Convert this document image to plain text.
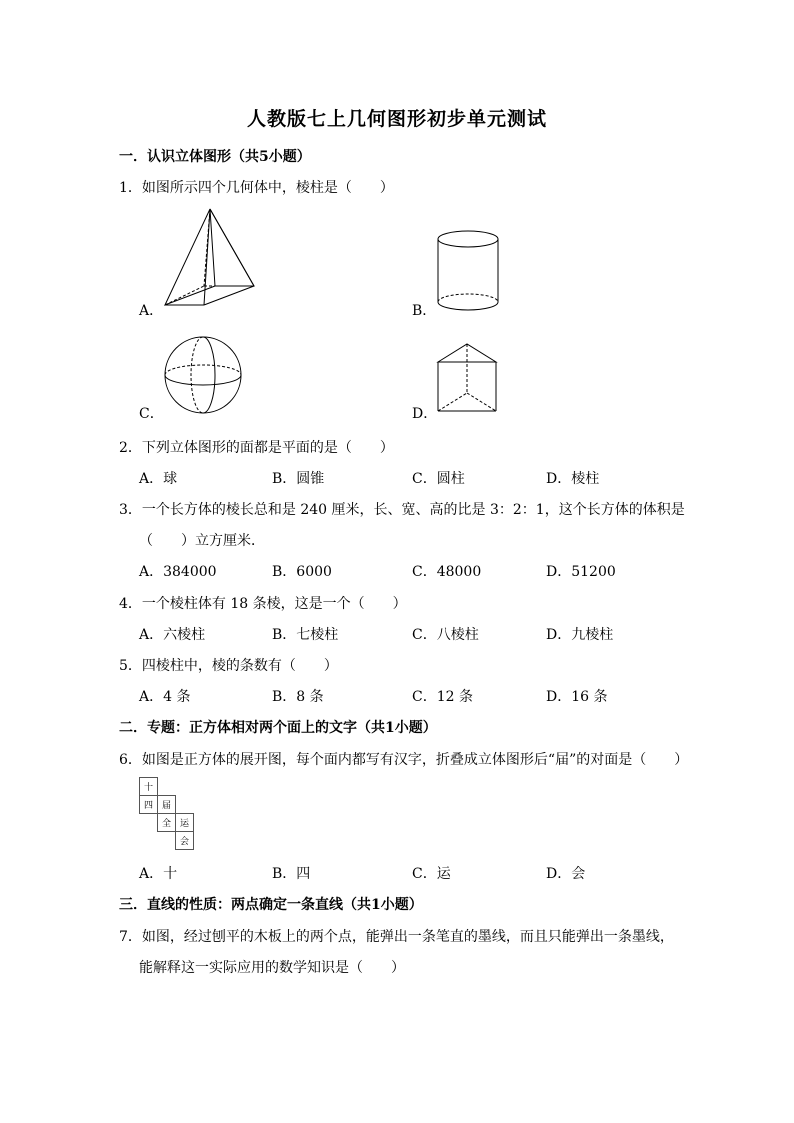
人教版七上几何图形初步单元测试
一．认识立体图形（共5小题）
1．如图所示四个几何体中，棱柱是（　　）
A．	B．
C．	D．
2．下列立体图形的面都是平面的是（　　）
A．球	B．圆锥	C．圆柱	D．棱柱
3．一个长方体的棱长总和是 240 厘米，长、宽、高的比是 3：2：1，这个长方体的体积是
（　　）立方厘米．
A．384000	B．6000	C．48000	D．51200
4．一个棱柱体有 18 条棱，这是一个（　　）
A．六棱柱	B．七棱柱	C．八棱柱	D．九棱柱
5．四棱柱中，棱的条数有（　　）
A．4 条	B．8 条	C．12 条	D．16 条
二．专题：正方体相对两个面上的文字（共1小题）
6．如图是正方体的展开图，每个面内都写有汉字，折叠成立体图形后“届”的对面是（　　）
十		
四	届	
	全	运
		会
A．十	B．四	C．运	D．会
三．直线的性质：两点确定一条直线（共1小题）
7．如图，经过刨平的木板上的两个点，能弹出一条笔直的墨线，而且只能弹出一条墨线，
能解释这一实际应用的数学知识是（　　）
